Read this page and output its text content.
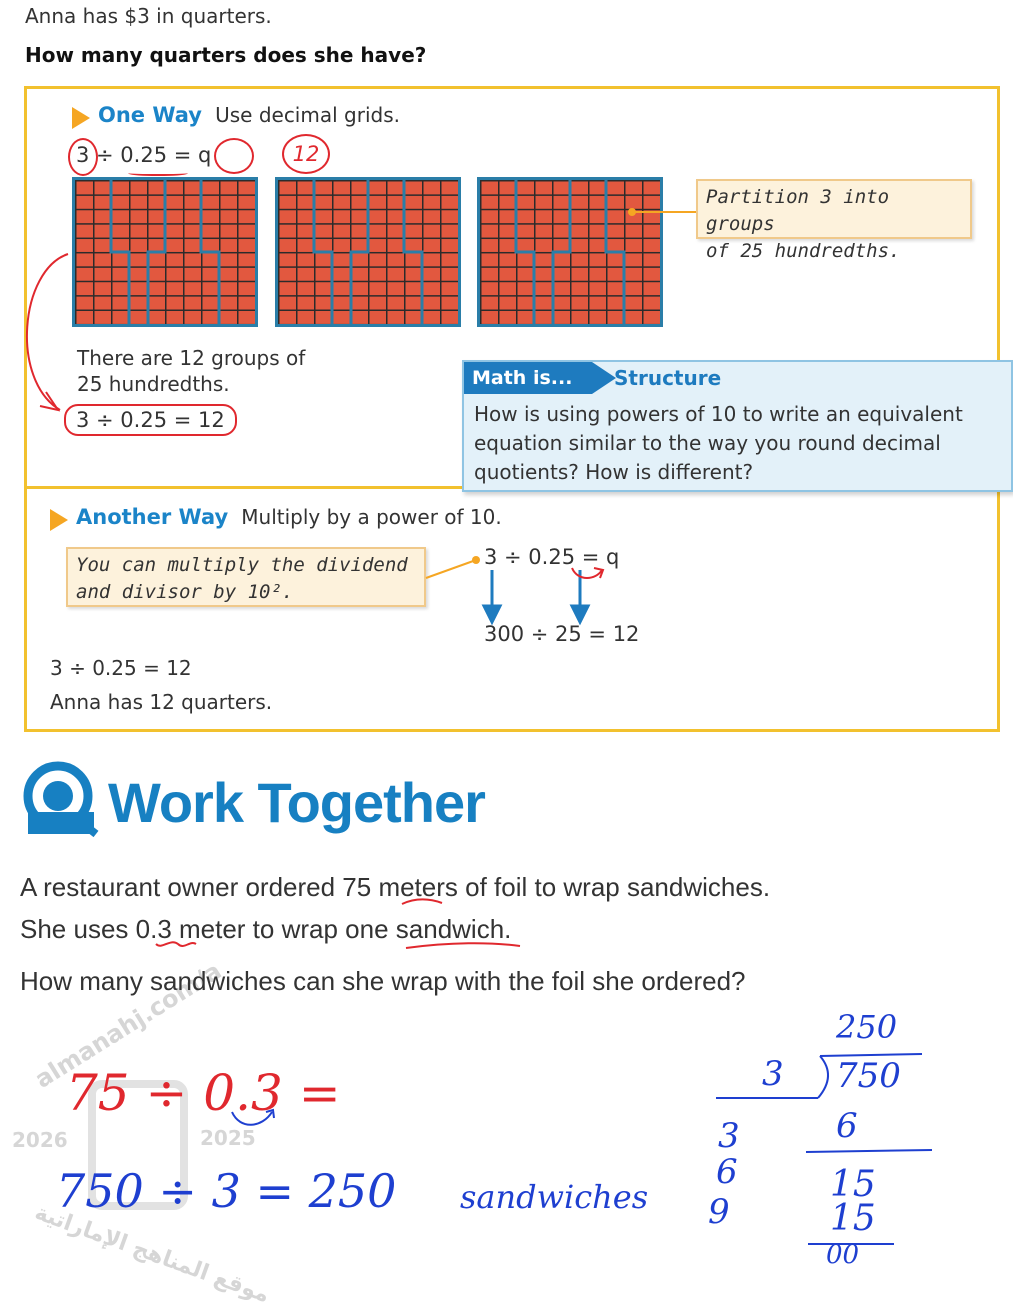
almanahj.com/a
2026	2025
موقع المناهج الإماراتية
Anna has $3 in quarters.
How many quarters does she have?
One Way Use decimal grids.
3 ÷ 0.25 = q	12
Partition 3 into groups
of 25 hundredths.
There are 12 groups of
25 hundredths.
3 ÷ 0.25 = 12
Math is...	Structure
How is using powers of 10 to write an equivalent equation similar to the way you round decimal quotients? How is different?
Another Way Multiply by a power of 10.
You can multiply the dividend
and divisor by 10².
3 ÷ 0.25 = q
300 ÷ 25 = 12
3 ÷ 0.25 = 12
Anna has 12 quarters.
Work Together
A restaurant owner ordered 75 meters of foil to wrap sandwiches.
She uses 0.3 meter to wrap one sandwich.
How many sandwiches can she wrap with the foil she ordered?
75 ÷ 0.3 =
750 ÷ 3 = 250 sandwiches
250
3 750
6
15
15
00
3
6
9
